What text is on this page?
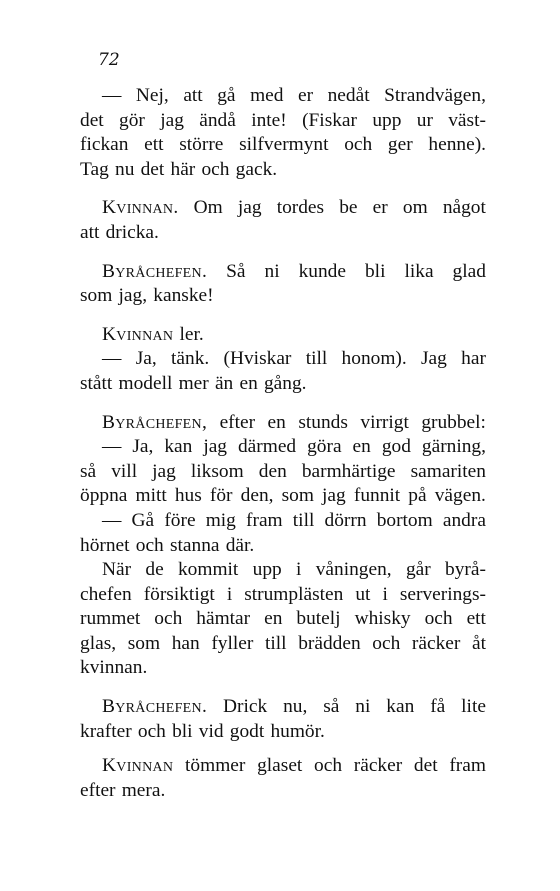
72
— Nej, att gå med er nedåt Strandvägen,
det gör jag ändå inte! (Fiskar upp ur väst-
fickan ett större silfvermynt och ger henne).
Tag nu det här och gack.
Kvinnan. Om jag tordes be er om något
att dricka.
Byråchefen. Så ni kunde bli lika glad
som jag, kanske!
Kvinnan ler.
— Ja, tänk. (Hviskar till honom). Jag har
stått modell mer än en gång.
Byråchefen, efter en stunds virrigt grubbel:
— Ja, kan jag därmed göra en god gärning,
så vill jag liksom den barmhärtige samariten
öppna mitt hus för den, som jag funnit på vägen.
— Gå före mig fram till dörrn bortom andra
hörnet och stanna där.
När de kommit upp i våningen, går byrå-
chefen försiktigt i strumplästen ut i serverings-
rummet och hämtar en butelj whisky och ett
glas, som han fyller till brädden och räcker åt
kvinnan.
Byråchefen. Drick nu, så ni kan få lite
krafter och bli vid godt humör.
Kvinnan tömmer glaset och räcker det fram
efter mera.
